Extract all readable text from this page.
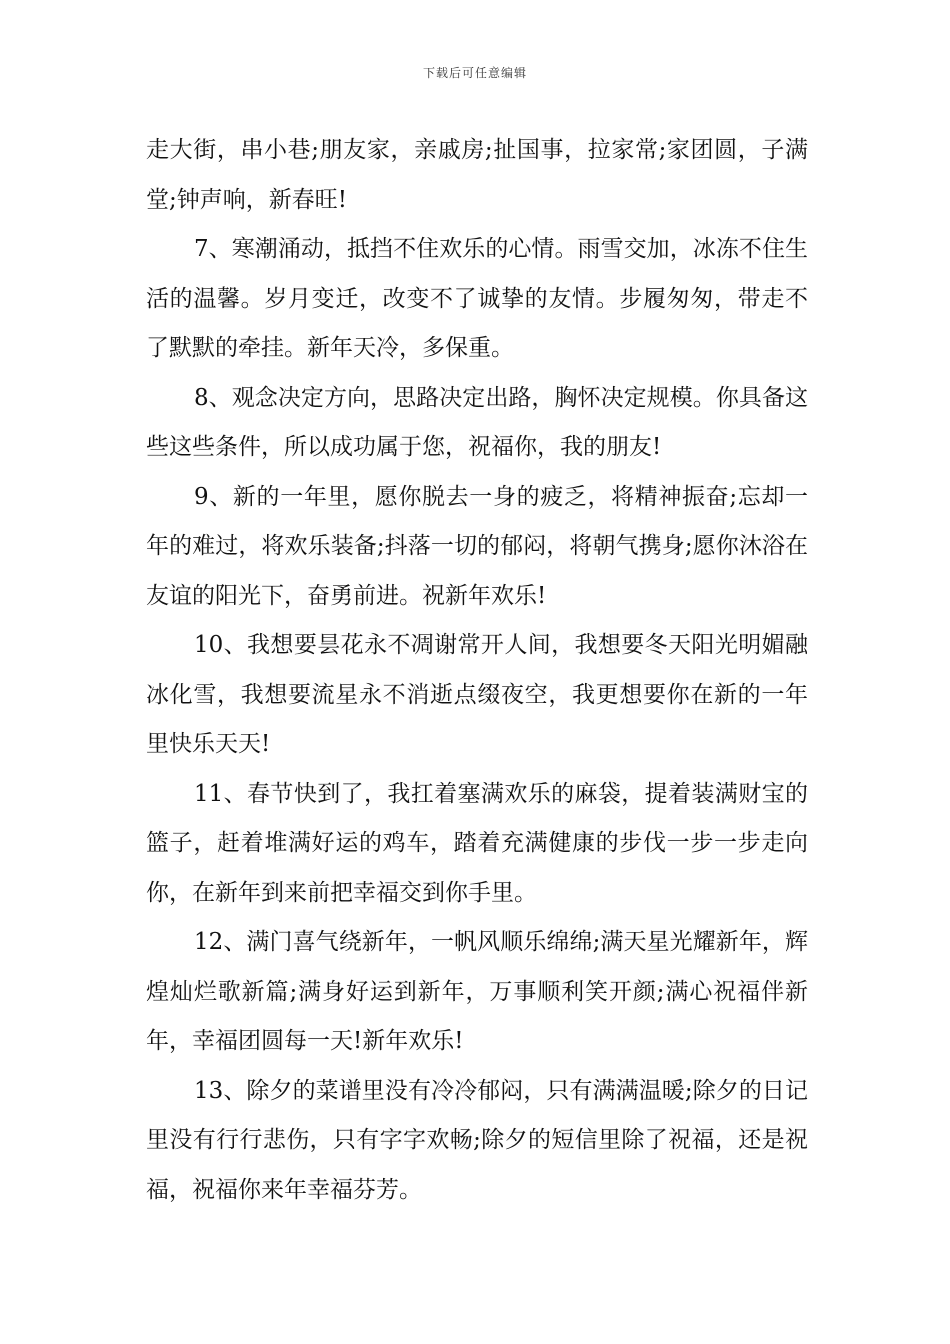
下载后可任意编辑

走大街，串小巷;朋友家，亲戚房;扯国事，拉家常;家团圆，子满堂;钟声响，新春旺!

7、寒潮涌动，抵挡不住欢乐的心情。雨雪交加，冰冻不住生活的温馨。岁月变迁，改变不了诚挚的友情。步履匆匆，带走不了默默的牵挂。新年天冷，多保重。

8、观念决定方向，思路决定出路，胸怀决定规模。你具备这些这些条件，所以成功属于您，祝福你，我的朋友!

9、新的一年里，愿你脱去一身的疲乏，将精神振奋;忘却一年的难过，将欢乐装备;抖落一切的郁闷，将朝气携身;愿你沐浴在友谊的阳光下，奋勇前进。祝新年欢乐!

10、我想要昙花永不凋谢常开人间，我想要冬天阳光明媚融冰化雪，我想要流星永不消逝点缀夜空，我更想要你在新的一年里快乐天天!

11、春节快到了，我扛着塞满欢乐的麻袋，提着装满财宝的篮子，赶着堆满好运的鸡车，踏着充满健康的步伐一步一步走向你，在新年到来前把幸福交到你手里。

12、满门喜气绕新年，一帆风顺乐绵绵;满天星光耀新年，辉煌灿烂歌新篇;满身好运到新年，万事顺利笑开颜;满心祝福伴新年，幸福团圆每一天!新年欢乐!

13、除夕的菜谱里没有冷冷郁闷，只有满满温暖;除夕的日记里没有行行悲伤，只有字字欢畅;除夕的短信里除了祝福，还是祝福，祝福你来年幸福芬芳。
